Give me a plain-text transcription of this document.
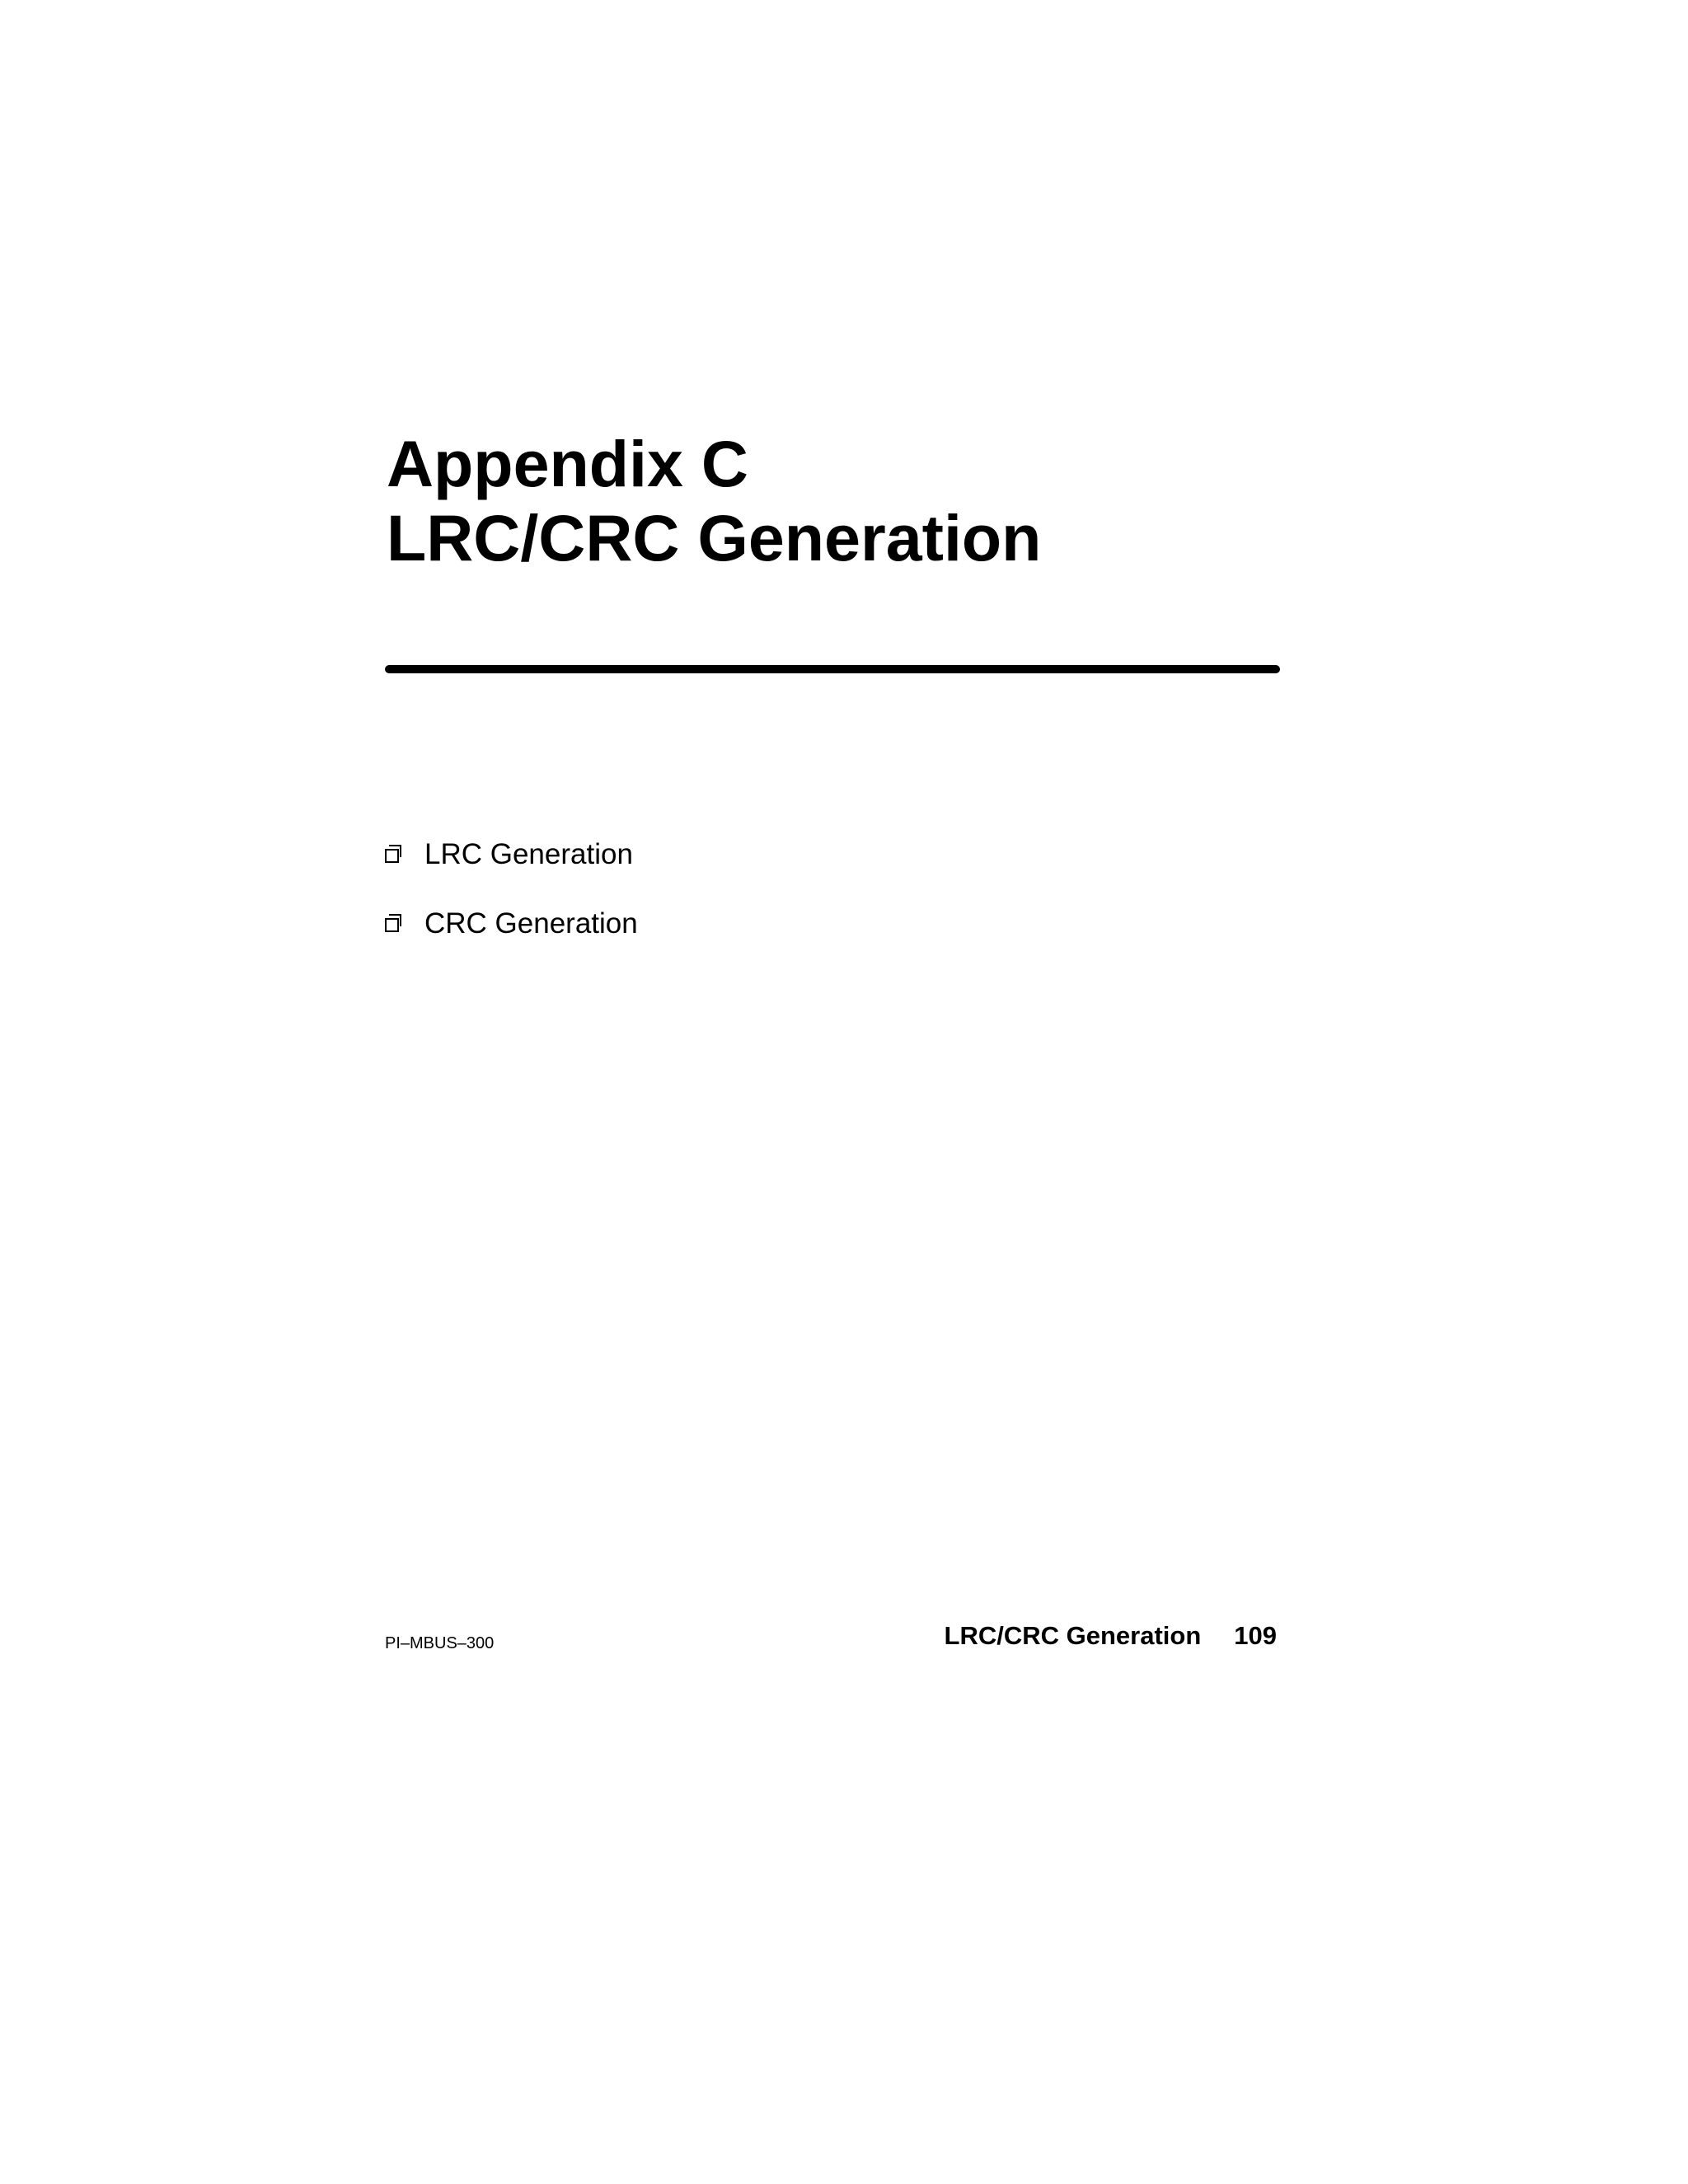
Appendix C
LRC/CRC Generation
LRC Generation
CRC Generation
PI–MBUS–300	LRC/CRC Generation 109
